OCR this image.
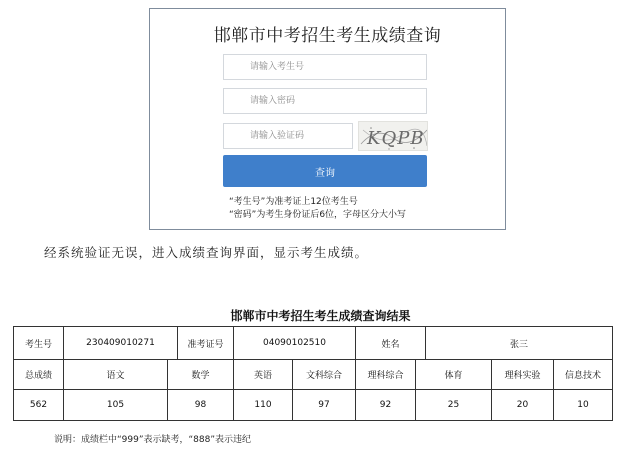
邯郸市中考招生考生成绩查询
请输入考生号
请输入验证码
KQPB
查询
“考生号”为准考证上12位考生号
“密码”为考生身份证后6位，字母区分大小写
经系统验证无误，进入成绩查询界面，显示考生成绩。
邯郸市中考招生考生成绩查询结果
考生号	230409010271		准考证号	04090102510		姓名		张三			
总成绩	语文	数学		英语	文科综合	理科综合	体育		理科实验	信息技术	
562	105	98		110	97	92	25		20	10	
说明：成绩栏中“999”表示缺考，“888”表示违纪
